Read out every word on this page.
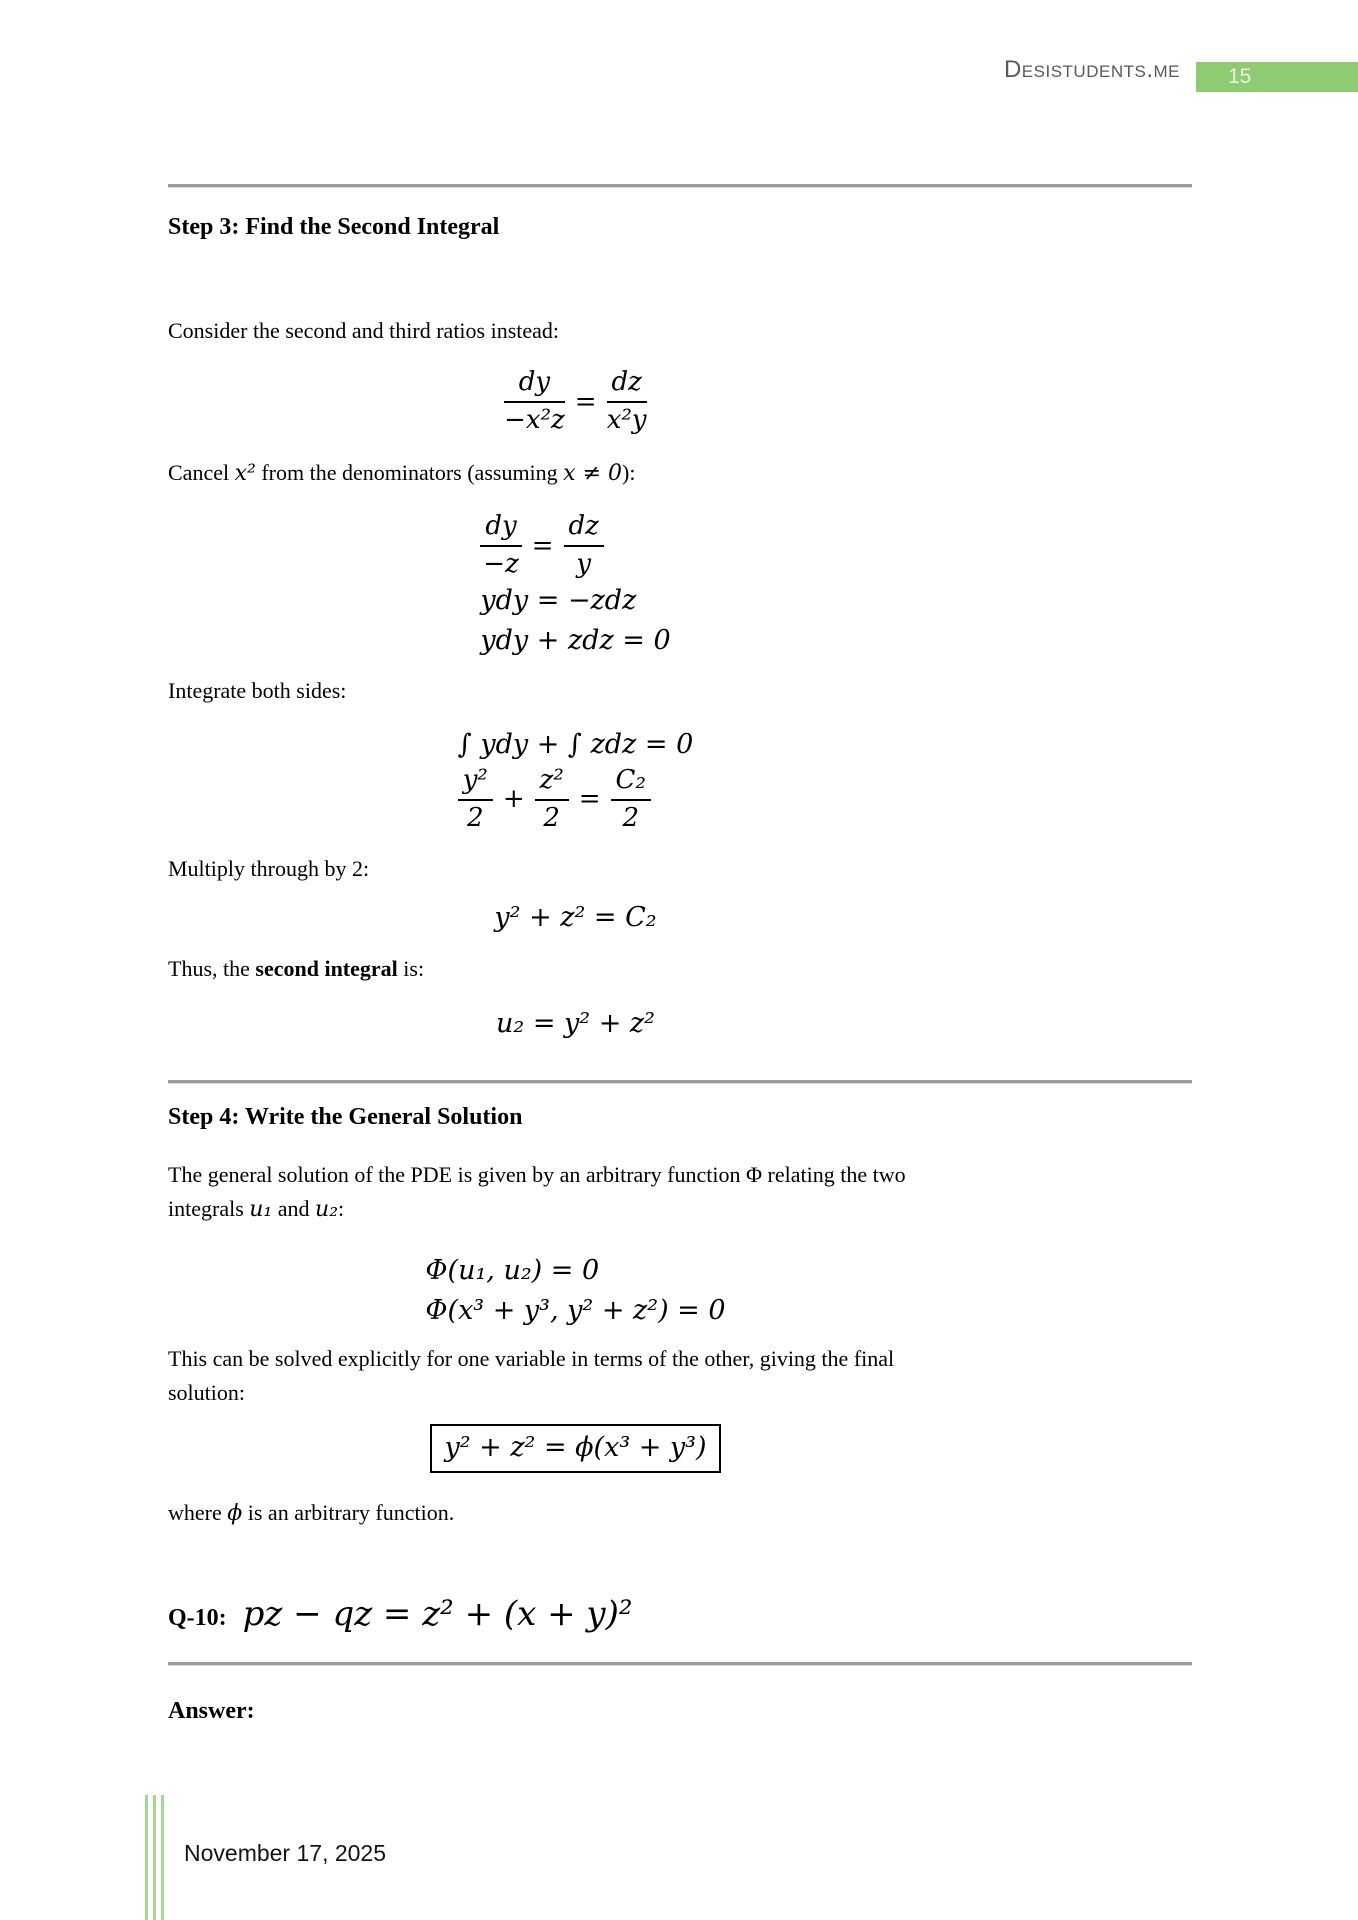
Desistudents.me	15
Step 3: Find the Second Integral
Consider the second and third ratios instead:
$\frac{dy}{\text{−x²z}} = \frac{dz}{\text{x²y}}$
Cancel x² from the denominators (assuming x ≠ 0):
$\frac{dy}{-z} = \frac{dz}{y}$
ydy = −zdz
ydy + zdz = 0
Integrate both sides:
∫ ydy + ∫ zdz = 0
$\frac{\text{y²}}{2} + \frac{\text{z²}}{2} = \frac{\text{C₂}}{2}$
Multiply through by 2:
y² + z² = C₂
Thus, the second integral is:
u₂ = y² + z²
Step 4: Write the General Solution
The general solution of the PDE is given by an arbitrary function Φ relating the two
integrals u₁ and u₂:
Φ(u₁, u₂) = 0
Φ(x³ + y³, y² + z²) = 0
This can be solved explicitly for one variable in terms of the other, giving the final
solution:
y² + z² = ϕ(x³ + y³)
where ϕ is an arbitrary function.
Q-10: pz − qz = z² + (x + y)²
Answer:
November 17, 2025
